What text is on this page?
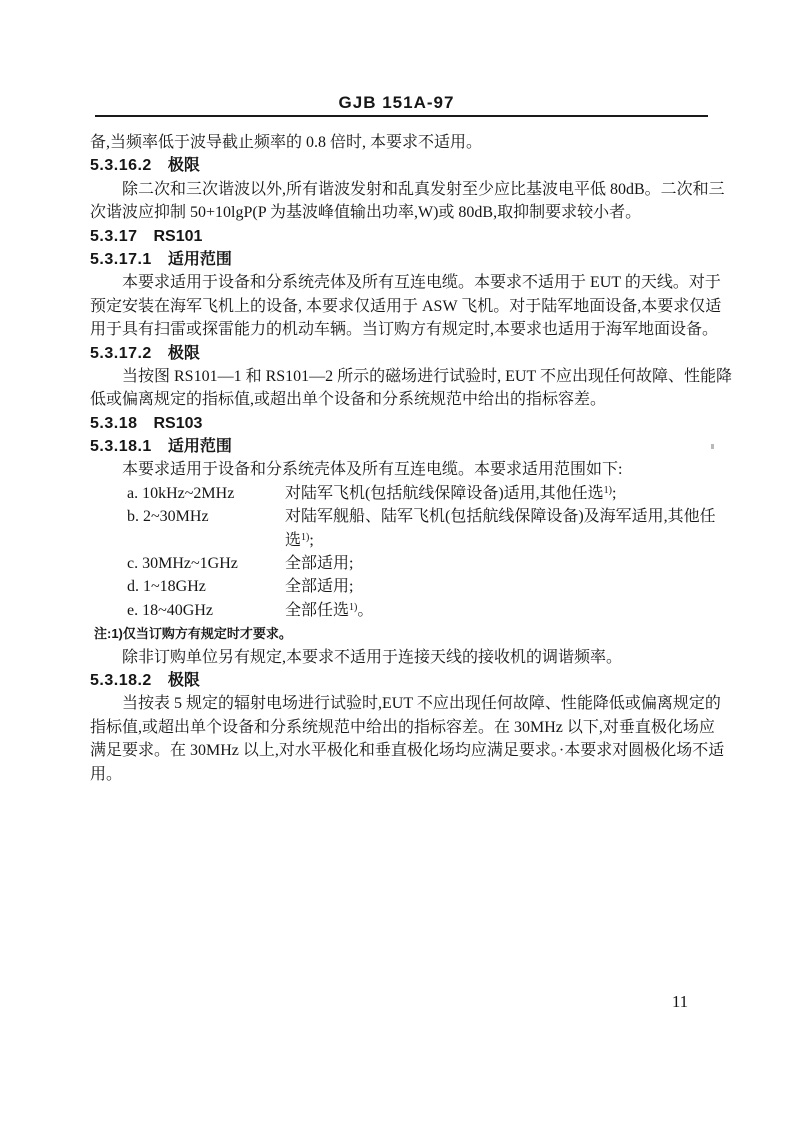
GJB 151A-97
备,当频率低于波导截止频率的 0.8 倍时, 本要求不适用。
5.3.16.2 极限
除二次和三次谐波以外,所有谐波发射和乱真发射至少应比基波电平低 80dB。二次和三
次谐波应抑制 50+10lgP(P 为基波峰值输出功率,W)或 80dB,取抑制要求较小者。
5.3.17 RS101
5.3.17.1 适用范围
本要求适用于设备和分系统壳体及所有互连电缆。本要求不适用于 EUT 的天线。对于
预定安装在海军飞机上的设备, 本要求仅适用于 ASW 飞机。对于陆军地面设备,本要求仅适
用于具有扫雷或探雷能力的机动车辆。当订购方有规定时,本要求也适用于海军地面设备。
5.3.17.2 极限
当按图 RS101—1 和 RS101—2 所示的磁场进行试验时, EUT 不应出现任何故障、性能降
低或偏离规定的指标值,或超出单个设备和分系统规范中给出的指标容差。
5.3.18 RS103
5.3.18.1 适用范围
本要求适用于设备和分系统壳体及所有互连电缆。本要求适用范围如下:
a. 10kHz~2MHz	对陆军飞机(包括航线保障设备)适用,其他任选$^{1)}$;
b. 2~30MHz	对陆军舰船、陆军飞机(包括航线保障设备)及海军适用,其他任
选$^{1)}$;
c. 30MHz~1GHz	全部适用;
d. 1~18GHz	全部适用;
e. 18~40GHz	全部任选$^{1)}$。
注:1)仅当订购方有规定时才要求。
除非订购单位另有规定,本要求不适用于连接天线的接收机的调谐频率。
5.3.18.2 极限
当按表 5 规定的辐射电场进行试验时,EUT 不应出现任何故障、性能降低或偏离规定的
指标值,或超出单个设备和分系统规范中给出的指标容差。在 30MHz 以下,对垂直极化场应
满足要求。在 30MHz 以上,对水平极化和垂直极化场均应满足要求。·本要求对圆极化场不适
用。
11
